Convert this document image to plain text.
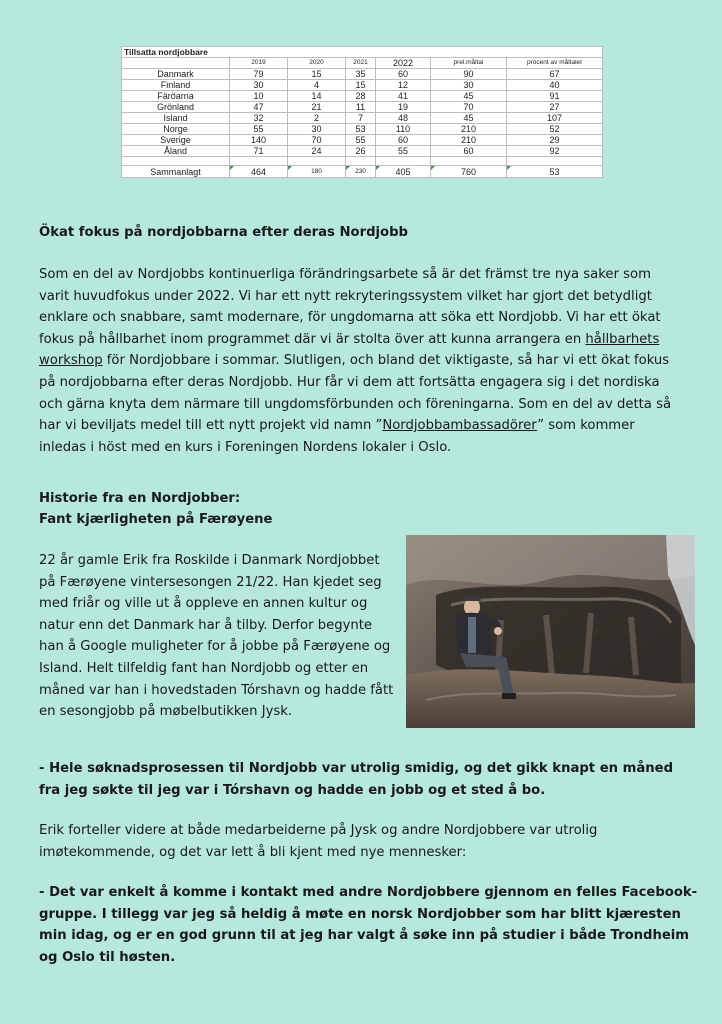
Tillsatta nordjobbare						
	2019	2020	2021	2022	prel.måltal	procent av måltalet
Danmark	79	15	35	60	90	67
Finland	30	4	15	12	30	40
Färöarna	10	14	28	41	45	91
Grönland	47	21	11	19	70	27
Island	32	2	7	48	45	107
Norge	55	30	53	110	210	52
Sverige	140	70	55	60	210	29
Åland	71	24	26	55	60	92

Sammanlagt	464	180	230	405	760	53
Ökat fokus på nordjobbarna efter deras Nordjobb

Som en del av Nordjobbs kontinuerliga förändringsarbete så är det främst tre nya saker som varit huvudfokus under 2022. Vi har ett nytt rekryteringssystem vilket har gjort det betydligt enklare och snabbare, samt modernare, för ungdomarna att söka ett Nordjobb. Vi har ett ökat fokus på hållbarhet inom programmet där vi är stolta över att kunna arrangera en hållbarhets workshop för Nordjobbare i sommar. Slutligen, och bland det viktigaste, så har vi ett ökat fokus på nordjobbarna efter deras Nordjobb. Hur får vi dem att fortsätta engagera sig i det nordiska och gärna knyta dem närmare till ungdomsförbunden och föreningarna. Som en del av detta så har vi beviljats medel till ett nytt projekt vid namn ”Nordjobbambassadörer” som kommer inledas i höst med en kurs i Foreningen Nordens lokaler i Oslo.

Historie fra en Nordjobber:
Fant kjærligheten på Færøyene

22 år gamle Erik fra Roskilde i Danmark Nordjobbet på Færøyene vintersesongen 21/22. Han kjedet seg med friår og ville ut å oppleve en annen kultur og natur enn det Danmark har å tilby. Derfor begynte han å Google muligheter for å jobbe på Færøyene og Island. Helt tilfeldig fant han Nordjobb og etter en måned var han i hovedstaden Tórshavn og hadde fått en sesongjobb på møbelbutikken Jysk.

- Hele søknadsprosessen til Nordjobb var utrolig smidig, og det gikk knapt en måned fra jeg søkte til jeg var i Tórshavn og hadde en jobb og et sted å bo.

Erik forteller videre at både medarbeiderne på Jysk og andre Nordjobbere var utrolig imøtekommende, og det var lett å bli kjent med nye mennesker:

- Det var enkelt å komme i kontakt med andre Nordjobbere gjennom en felles Facebook-gruppe. I tillegg var jeg så heldig å møte en norsk Nordjobber som har blitt kjæresten min idag, og er en god grunn til at jeg har valgt å søke inn på studier i både Trondheim og Oslo til høsten.
